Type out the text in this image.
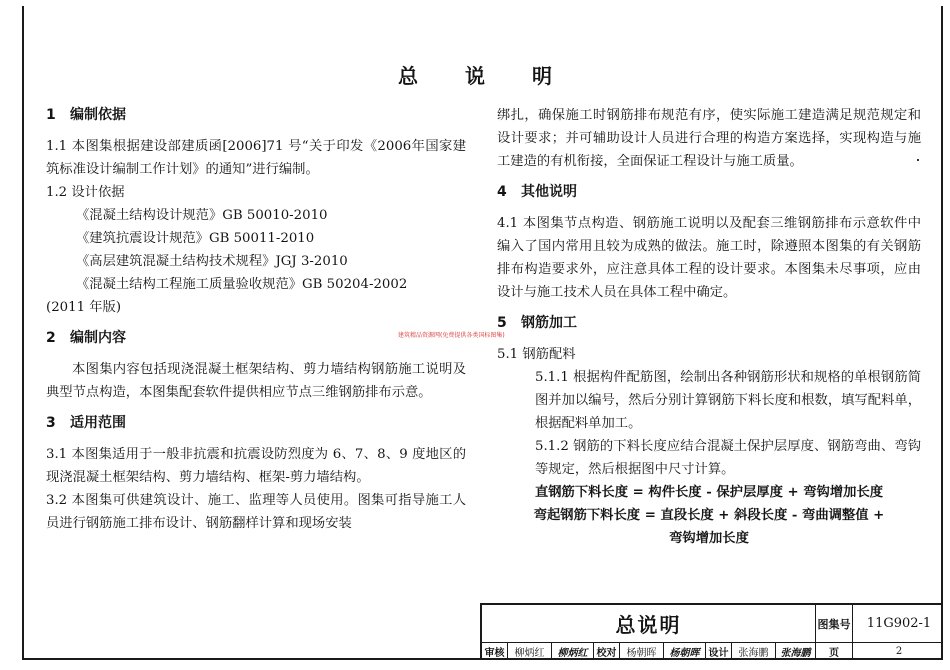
总 说 明
建筑精品资源网(免费提供各类国标图集)
1 编制依据

1.1 本图集根据建设部建质函[2006]71 号“关于印发《2006年国家建筑标准设计编制工作计划》的通知”进行编制。

1.2 设计依据

《混凝土结构设计规范》GB 50010-2010

《建筑抗震设计规范》GB 50011-2010

《高层建筑混凝土结构技术规程》JGJ 3-2010

《混凝土结构工程施工质量验收规范》GB 50204-2002

(2011 年版)

2 编制内容

本图集内容包括现浇混凝土框架结构、剪力墙结构钢筋施工说明及典型节点构造，本图集配套软件提供相应节点三维钢筋排布示意。

3 适用范围

3.1 本图集适用于一般非抗震和抗震设防烈度为 6、7、8、9 度地区的现浇混凝土框架结构、剪力墙结构、框架-剪力墙结构。

3.2 本图集可供建筑设计、施工、监理等人员使用。图集可指导施工人员进行钢筋施工排布设计、钢筋翻样计算和现场安装

绑扎，确保施工时钢筋排布规范有序，使实际施工建造满足规范规定和设计要求；并可辅助设计人员进行合理的构造方案选择，实现构造与施工建造的有机衔接，全面保证工程设计与施工质量。

4 其他说明

4.1 本图集节点构造、钢筋施工说明以及配套三维钢筋排布示意软件中编入了国内常用且较为成熟的做法。施工时，除遵照本图集的有关钢筋排布构造要求外，应注意具体工程的设计要求。本图集未尽事项，应由设计与施工技术人员在具体工程中确定。

5 钢筋加工

5.1 钢筋配料

5.1.1 根据构件配筋图，绘制出各种钢筋形状和规格的单根钢筋简图并加以编号，然后分别计算钢筋下料长度和根数，填写配料单，根据配料单加工。

5.1.2 钢筋的下料长度应结合混凝土保护层厚度、钢筋弯曲、弯钩等规定，然后根据图中尺寸计算。

直钢筋下料长度 = 构件长度 - 保护层厚度 + 弯钩增加长度

弯起钢筋下料长度 = 直段长度 + 斜段长度 - 弯曲调整值 +

弯钩增加长度

总说明	图集号	11G902-1
审核	柳炳红	柳炳红 校对	杨朝晖	杨朝晖 设计	张海鹏	张海鹏	页	2
